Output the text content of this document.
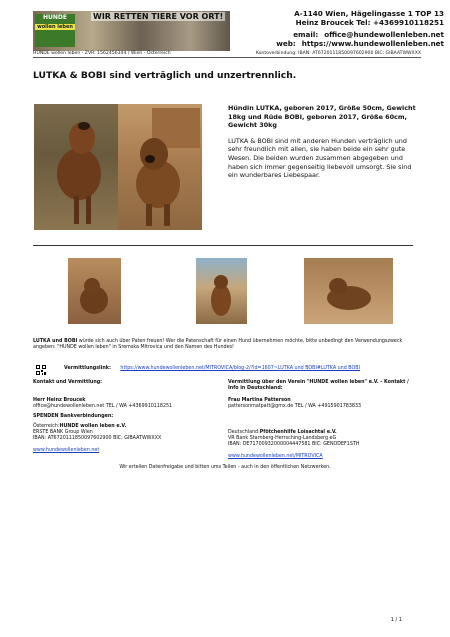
HUNDE
wollen leben
WIR RETTEN TIERE VOR ORT!	A-1140 Wien, Hägelingasse 1 TOP 13
Heinz Broucek Tel: +4369910118251
email: office@hundewollenleben.net
web: https://www.hundewollenleben.net
HUNDE wollen leben - ZVR: 1562456344 / Wien - Österreich	Kontoverbindung: IBAN: AT6720111850097602900 BIC: GIBAATWWXXX
LUTKA & BOBI sind verträglich und unzertrennlich.
Hündin LUTKA, geboren 2017, Größe 50cm, Gewicht 18kg und Rüde BOBI, geboren 2017, Größe 60cm, Gewicht 30kg
LUTKA & BOBI sind mit anderen Hunden verträglich und sehr freundlich mit allen, sie haben beide ein sehr gute Wesen. Die beiden wurden zusammen abgegeben und haben sich immer gegenseitig liebevoll umsorgt. Sie sind ein wunderbares Liebespaar.
LUTKA und BOBI würde sich auch über Paten freuen! Wer die Patenschaft für einen Hund übernehmen möchte, bitte unbedingt den Verwendungszweck angeben: "HUNDE wollen leben" in Sremska Mitrovica und den Namen des Hundes!
Vermittlungslink: https://www.hundewollenleben.net/MITROVICA/blog-2/?id=1607~LUTKA und BOBI#LUTKA und BOBI
Kontakt und Vermittlung:
Herr Heinz Broucek
office@hundewollenleben.net TEL / WA +4369910118251
SPENDEN Bankverbindungen:
Österreich:HUNDE wollen leben e.V.
ERSTE BANK Group Wien
IBAN: AT6720111850097602900 BIC: GIBAATWWXXX
www.hundewollenleben.net
Vermittlung über den Verein "HUNDE wollen leben" e.V. - Kontakt / Info in Deutschland:
Frau Martina Patterson
pattersonmatpatt@gmx.de TEL / WA +4915901783833
Deutschland:Pfötchenhilfe Loisachtal e.V.
VR Bank Starnberg-Herrsching-Landsberg eG
IBAN: DE71700932000004447581 BIC: GENODEF1STH
www.hundewollenleben.net/MITROVICA
Wir erteilen Datenfreigabe und bitten ums Teilen - auch in den öffentlichen Netzwerken.
1 / 1
